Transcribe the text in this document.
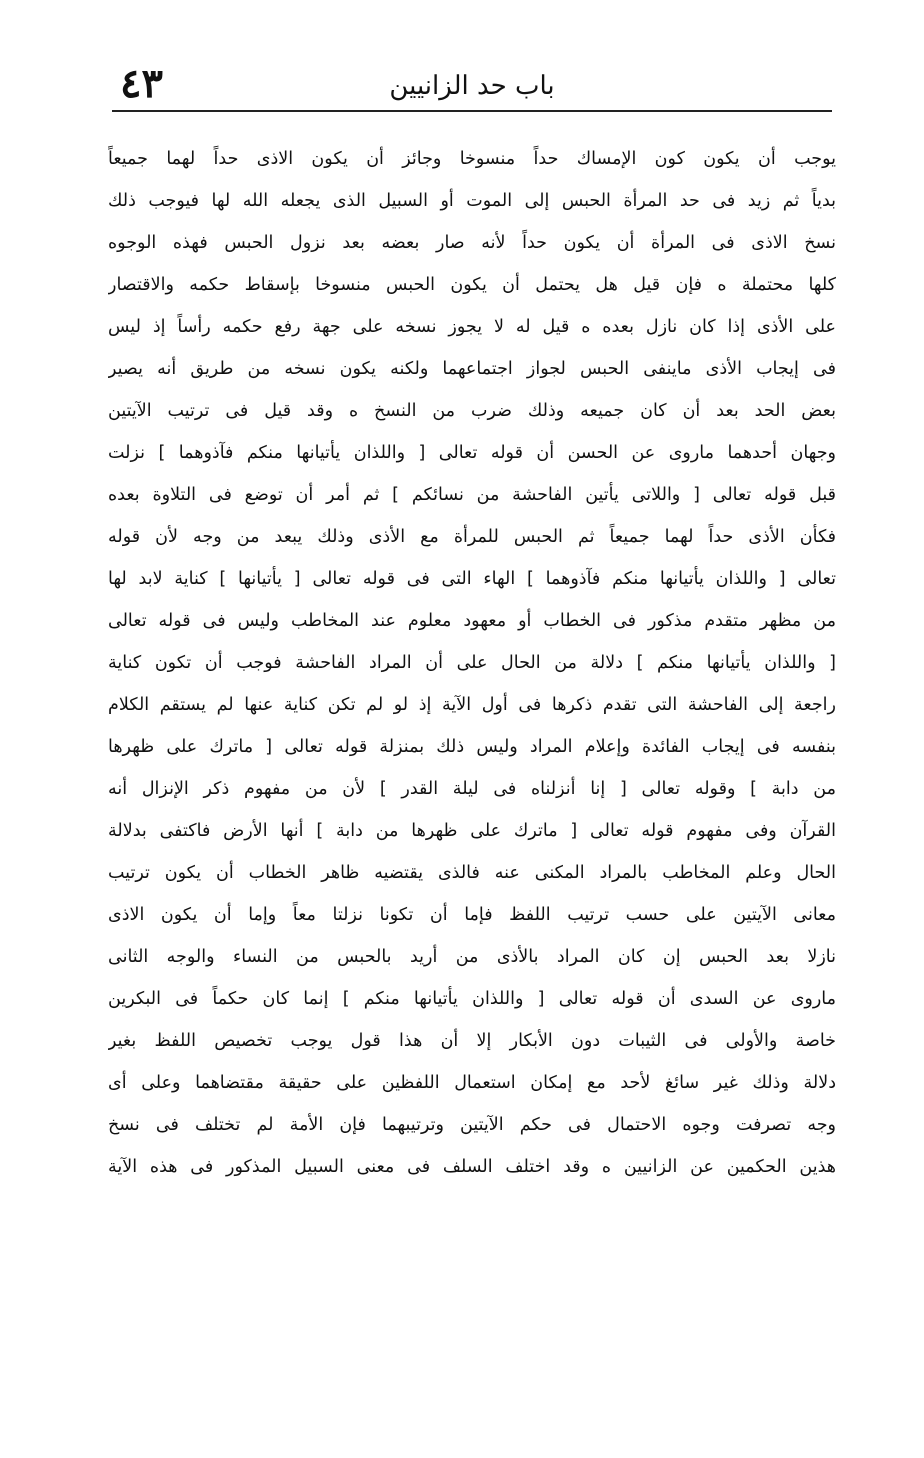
باب حد الزانيين
٤٣
يوجب أن يكون كون الإمساك حداً منسوخا وجائز أن يكون الاذى حداً لهما جميعاً
بدياً ثم زيد فى حد المرأة الحبس إلى الموت أو السبيل الذى يجعله الله لها فيوجب ذلك
نسخ الاذى فى المرأة أن يكون حداً لأنه صار بعضه بعد نزول الحبس فهذه الوجوه
كلها محتملة ه فإن قيل هل يحتمل أن يكون الحبس منسوخا بإسقاط حكمه والاقتصار
على الأذى إذا كان نازل بعده ه قيل له لا يجوز نسخه على جهة رفع حكمه رأساً إذ ليس
فى إيجاب الأذى ماينفى الحبس لجواز اجتماعهما ولكنه يكون نسخه من طريق أنه يصير
بعض الحد بعد أن كان جميعه وذلك ضرب من النسخ ه وقد قيل فى ترتيب الآيتين
وجهان أحدهما ماروى عن الحسن أن قوله تعالى [ واللذان يأتيانها منكم فآذوهما ] نزلت
قبل قوله تعالى [ واللاتى يأتين الفاحشة من نسائكم ] ثم أمر أن توضع فى التلاوة بعده
فكأن الأذى حداً لهما جميعاً ثم الحبس للمرأة مع الأذى وذلك يبعد من وجه لأن قوله
تعالى [ واللذان يأتيانها منكم فآذوهما ] الهاء التى فى قوله تعالى [ يأتيانها ] كناية لابد لها
من مظهر متقدم مذكور فى الخطاب أو معهود معلوم عند المخاطب وليس فى قوله تعالى
[ واللذان يأتيانها منكم ] دلالة من الحال على أن المراد الفاحشة فوجب أن تكون كناية
راجعة إلى الفاحشة التى تقدم ذكرها فى أول الآية إذ لو لم تكن كناية عنها لم يستقم الكلام
بنفسه فى إيجاب الفائدة وإعلام المراد وليس ذلك بمنزلة قوله تعالى [ ماترك على ظهرها
من دابة ] وقوله تعالى [ إنا أنزلناه فى ليلة القدر ] لأن من مفهوم ذكر الإنزال أنه
القرآن وفى مفهوم قوله تعالى [ ماترك على ظهرها من دابة ] أنها الأرض فاكتفى بدلالة
الحال وعلم المخاطب بالمراد المكنى عنه فالذى يقتضيه ظاهر الخطاب أن يكون ترتيب
معانى الآيتين على حسب ترتيب اللفظ فإما أن تكونا نزلتا معاً وإما أن يكون الاذى
نازلا بعد الحبس إن كان المراد بالأذى من أريد بالحبس من النساء والوجه الثانى
ماروى عن السدى أن قوله تعالى [ واللذان يأتيانها منكم ] إنما كان حكماً فى البكرين
خاصة والأولى فى الثيبات دون الأبكار إلا أن هذا قول يوجب تخصيص اللفظ بغير
دلالة وذلك غير سائغ لأحد مع إمكان استعمال اللفظين على حقيقة مقتضاهما وعلى أى
وجه تصرفت وجوه الاحتمال فى حكم الآيتين وترتيبهما فإن الأمة لم تختلف فى نسخ
هذين الحكمين عن الزانيين ه وقد اختلف السلف فى معنى السبيل المذكور فى هذه الآية
